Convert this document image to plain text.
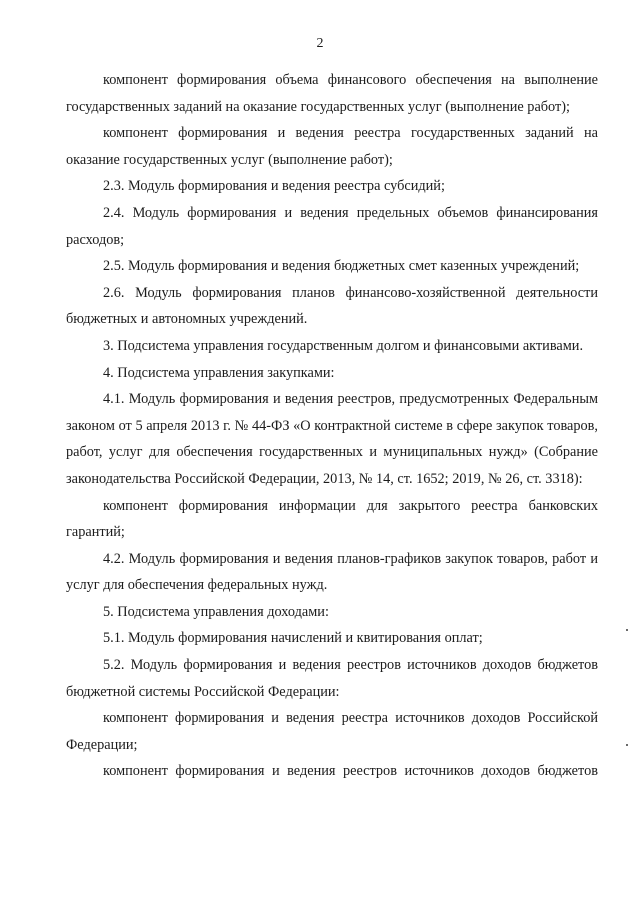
2

компонент формирования объема финансового обеспечения на выполнение государственных заданий на оказание государственных услуг (выполнение работ);

компонент формирования и ведения реестра государственных заданий на оказание государственных услуг (выполнение работ);

2.3. Модуль формирования и ведения реестра субсидий;

2.4. Модуль формирования и ведения предельных объемов финансирования расходов;

2.5. Модуль формирования и ведения бюджетных смет казенных учреждений;

2.6. Модуль формирования планов финансово-хозяйственной деятельности бюджетных и автономных учреждений.

3. Подсистема управления государственным долгом и финансовыми активами.

4. Подсистема управления закупками:

4.1. Модуль формирования и ведения реестров, предусмотренных Федеральным законом от 5 апреля 2013 г. № 44-ФЗ «О контрактной системе в сфере закупок товаров, работ, услуг для обеспечения государственных и муниципальных нужд» (Собрание законодательства Российской Федерации, 2013, № 14, ст. 1652; 2019, № 26, ст. 3318):

компонент формирования информации для закрытого реестра банковских гарантий;

4.2. Модуль формирования и ведения планов-графиков закупок товаров, работ и услуг для обеспечения федеральных нужд.

5. Подсистема управления доходами:

5.1. Модуль формирования начислений и квитирования оплат;

5.2. Модуль формирования и ведения реестров источников доходов бюджетов бюджетной системы Российской Федерации:

компонент формирования и ведения реестра источников доходов Российской Федерации;

компонент формирования и ведения реестров источников доходов бюджетов
